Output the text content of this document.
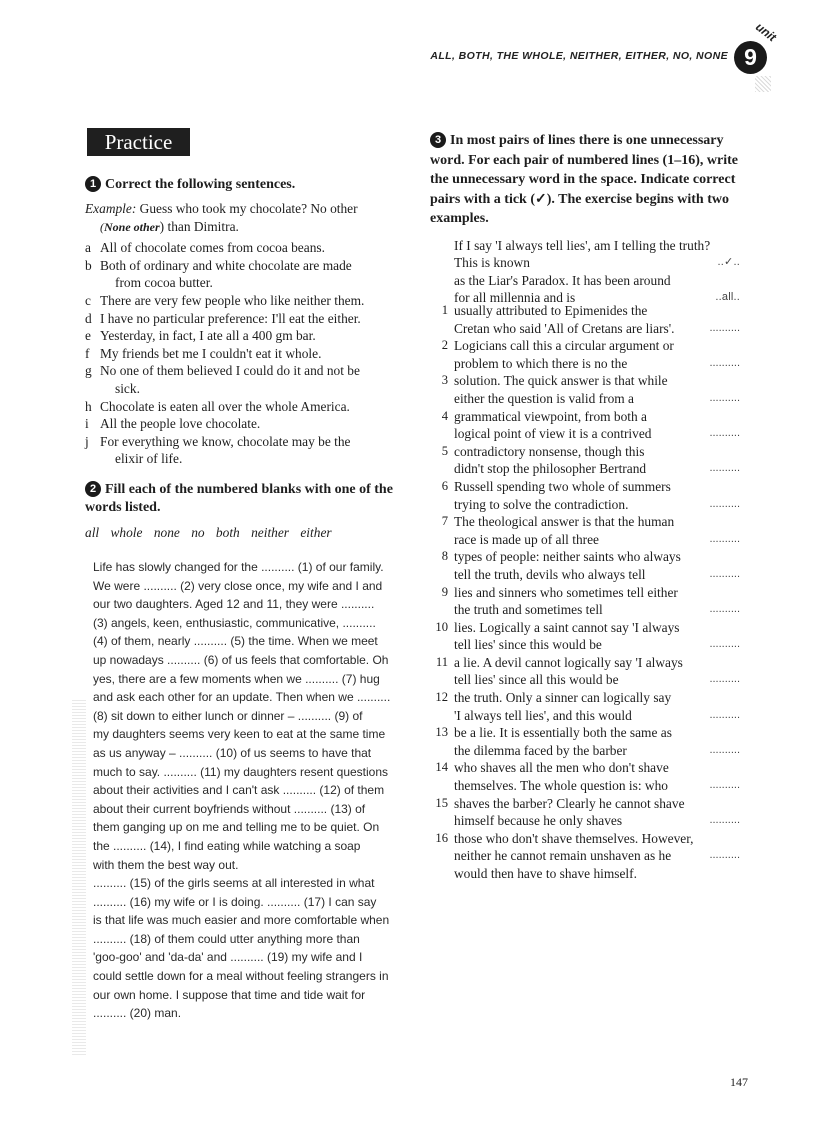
ALL, BOTH, THE WHOLE, NEITHER, EITHER, NO, NONE
unit
9
Practice
1 Correct the following sentences.
Example: Guess who took my chocolate? No other
(None other) than Dimitra.
a All of chocolate comes from cocoa beans.
b Both of ordinary and white chocolate are made
from cocoa butter.
c There are very few people who like neither them.
d I have no particular preference: I'll eat the either.
e Yesterday, in fact, I ate all a 400 gm bar.
f My friends bet me I couldn't eat it whole.
g No one of them believed I could do it and not be
sick.
h Chocolate is eaten all over the whole America.
i All the people love chocolate.
j For everything we know, chocolate may be the
elixir of life.
2 Fill each of the numbered blanks with one of the words listed.
all whole none no both neither either
Life has slowly changed for the .......... (1) of our family.
We were .......... (2) very close once, my wife and I and
our two daughters. Aged 12 and 11, they were ..........
(3) angels, keen, enthusiastic, communicative, ..........
(4) of them, nearly .......... (5) the time. When we meet
up nowadays .......... (6) of us feels that comfortable. Oh
yes, there are a few moments when we .......... (7) hug
and ask each other for an update. Then when we ..........
(8) sit down to either lunch or dinner – .......... (9) of
my daughters seems very keen to eat at the same time
as us anyway – .......... (10) of us seems to have that
much to say. .......... (11) my daughters resent questions
about their activities and I can't ask .......... (12) of them
about their current boyfriends without .......... (13) of
them ganging up on me and telling me to be quiet. On
the .......... (14), I find eating while watching a soap
with them the best way out.
.......... (15) of the girls seems at all interested in what
.......... (16) my wife or I is doing. .......... (17) I can say
is that life was much easier and more comfortable when
.......... (18) of them could utter anything more than
'goo-goo' and 'da-da' and .......... (19) my wife and I
could settle down for a meal without feeling strangers in
our own home. I suppose that time and tide wait for
.......... (20) man.
3 In most pairs of lines there is one unnecessary word. For each pair of numbered lines (1–16), write the unnecessary word in the space. Indicate correct pairs with a tick (✓). The exercise begins with two examples.
If I say 'I always tell lies', am I telling the truth?
This is known	..✓..
as the Liar's Paradox. It has been around
for all millennia and is	..all..
1 usually attributed to Epimenides the
Cretan who said 'All of Cretans are liars'.	..........
2 Logicians call this a circular argument or
problem to which there is no the	..........
3 solution. The quick answer is that while
either the question is valid from a	..........
4 grammatical viewpoint, from both a
logical point of view it is a contrived	..........
5 contradictory nonsense, though this
didn't stop the philosopher Bertrand	..........
6 Russell spending two whole of summers
trying to solve the contradiction.	..........
7 The theological answer is that the human
race is made up of all three	..........
8 types of people: neither saints who always
tell the truth, devils who always tell	..........
9 lies and sinners who sometimes tell either
the truth and sometimes tell	..........
10 lies. Logically a saint cannot say 'I always
tell lies' since this would be	..........
11 a lie. A devil cannot logically say 'I always
tell lies' since all this would be	..........
12 the truth. Only a sinner can logically say
'I always tell lies', and this would	..........
13 be a lie. It is essentially both the same as
the dilemma faced by the barber	..........
14 who shaves all the men who don't shave
themselves. The whole question is: who	..........
15 shaves the barber? Clearly he cannot shave
himself because he only shaves	..........
16 those who don't shave themselves. However,
neither he cannot remain unshaven as he	..........
would then have to shave himself.
147
